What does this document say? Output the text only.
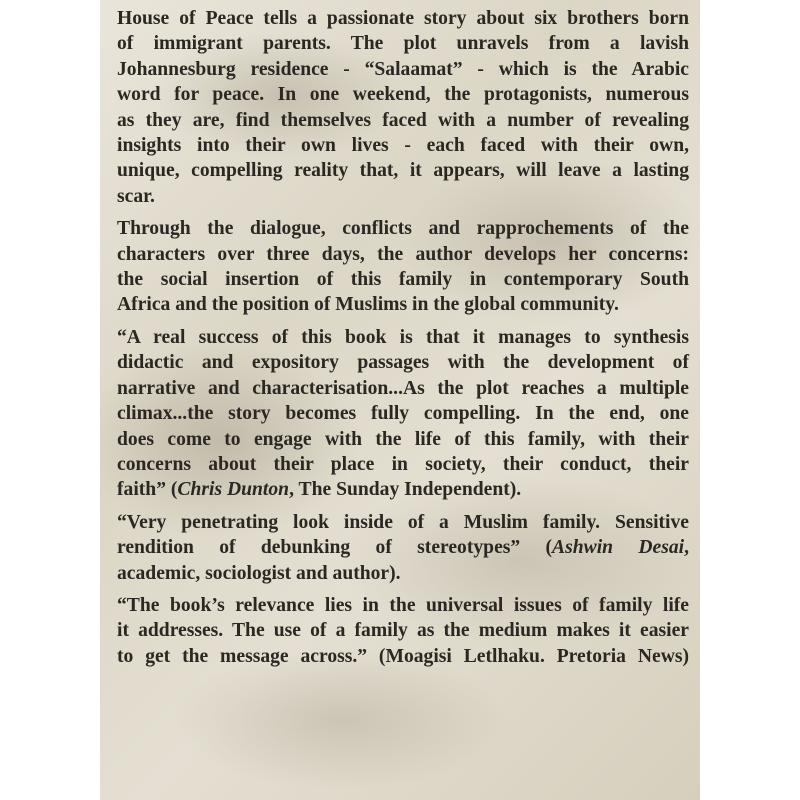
House of Peace tells a passionate story about six brothers born
of immigrant parents. The plot unravels from a lavish
Johannesburg residence - “Salaamat” - which is the Arabic
word for peace. In one weekend, the protagonists, numerous
as they are, find themselves faced with a number of revealing
insights into their own lives - each faced with their own,
unique, compelling reality that, it appears, will leave a lasting
scar.
Through the dialogue, conflicts and rapprochements of the
characters over three days, the author develops her concerns:
the social insertion of this family in contemporary South
Africa and the position of Muslims in the global community.
“A real success of this book is that it manages to synthesis
didactic and expository passages with the development of
narrative and characterisation...As the plot reaches a multiple
climax...the story becomes fully compelling. In the end, one
does come to engage with the life of this family, with their
concerns about their place in society, their conduct, their
faith” (Chris Dunton, The Sunday Independent).
“Very penetrating look inside of a Muslim family. Sensitive
rendition of debunking of stereotypes” (Ashwin Desai,
academic, sociologist and author).
“The book’s relevance lies in the universal issues of family life
it addresses. The use of a family as the medium makes it easier
to get the message across.” (Moagisi Letlhaku. Pretoria News)
